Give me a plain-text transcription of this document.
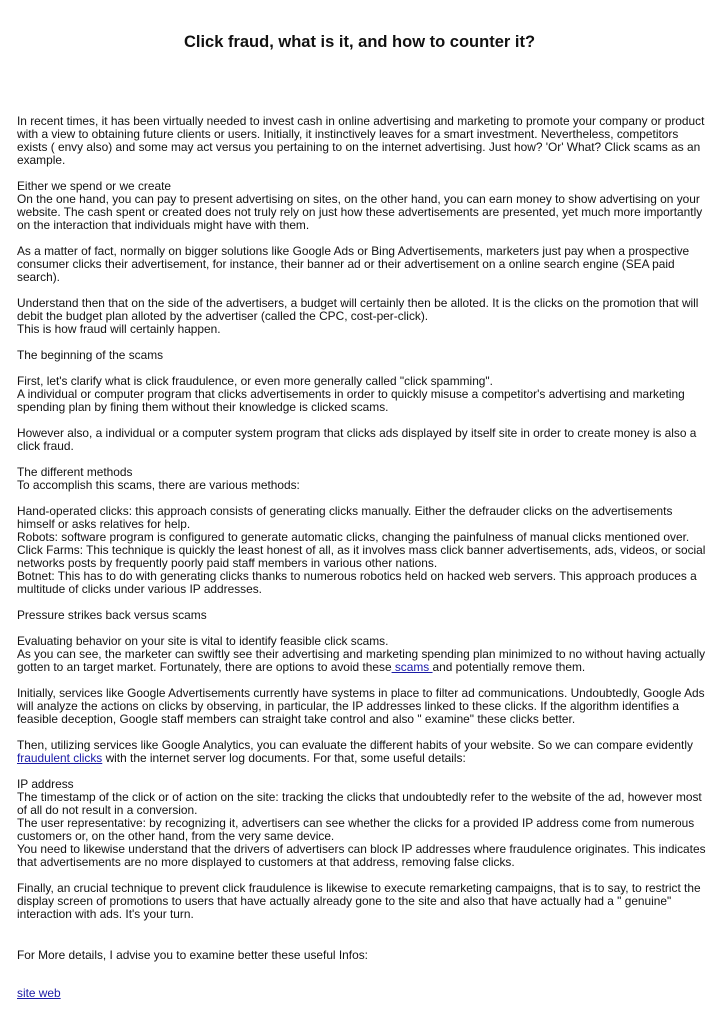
Click fraud, what is it, and how to counter it?

In recent times, it has been virtually needed to invest cash in online advertising and marketing to promote your company or product with a view to obtaining future clients or users. Initially, it instinctively leaves for a smart investment. Nevertheless, competitors exists ( envy also) and some may act versus you pertaining to on the internet advertising. Just how? 'Or' What? Click scams as an example.

Either we spend or we create
On the one hand, you can pay to present advertising on sites, on the other hand, you can earn money to show advertising on your website. The cash spent or created does not truly rely on just how these advertisements are presented, yet much more importantly on the interaction that individuals might have with them.

As a matter of fact, normally on bigger solutions like Google Ads or Bing Advertisements, marketers just pay when a prospective consumer clicks their advertisement, for instance, their banner ad or their advertisement on a online search engine (SEA paid search).

Understand then that on the side of the advertisers, a budget will certainly then be alloted. It is the clicks on the promotion that will debit the budget plan alloted by the advertiser (called the CPC, cost-per-click).
This is how fraud will certainly happen.

The beginning of the scams

First, let's clarify what is click fraudulence, or even more generally called "click spamming".
A individual or computer program that clicks advertisements in order to quickly misuse a competitor's advertising and marketing spending plan by fining them without their knowledge is clicked scams.

However also, a individual or a computer system program that clicks ads displayed by itself site in order to create money is also a click fraud.

The different methods
To accomplish this scams, there are various methods:

Hand-operated clicks: this approach consists of generating clicks manually. Either the defrauder clicks on the advertisements himself or asks relatives for help.
Robots: software program is configured to generate automatic clicks, changing the painfulness of manual clicks mentioned over.
Click Farms: This technique is quickly the least honest of all, as it involves mass click banner advertisements, ads, videos, or social networks posts by frequently poorly paid staff members in various other nations.
Botnet: This has to do with generating clicks thanks to numerous robotics held on hacked web servers. This approach produces a multitude of clicks under various IP addresses.

Pressure strikes back versus scams

Evaluating behavior on your site is vital to identify feasible click scams.
As you can see, the marketer can swiftly see their advertising and marketing spending plan minimized to no without having actually gotten to an target market. Fortunately, there are options to avoid these scams and potentially remove them.

Initially, services like Google Advertisements currently have systems in place to filter ad communications. Undoubtedly, Google Ads will analyze the actions on clicks by observing, in particular, the IP addresses linked to these clicks. If the algorithm identifies a feasible deception, Google staff members can straight take control and also " examine" these clicks better.

Then, utilizing services like Google Analytics, you can evaluate the different habits of your website. So we can compare evidently fraudulent clicks with the internet server log documents. For that, some useful details:

IP address
The timestamp of the click or of action on the site: tracking the clicks that undoubtedly refer to the website of the ad, however most of all do not result in a conversion.
The user representative: by recognizing it, advertisers can see whether the clicks for a provided IP address come from numerous customers or, on the other hand, from the very same device.
You need to likewise understand that the drivers of advertisers can block IP addresses where fraudulence originates. This indicates that advertisements are no more displayed to customers at that address, removing false clicks.

Finally, an crucial technique to prevent click fraudulence is likewise to execute remarketing campaigns, that is to say, to restrict the display screen of promotions to users that have actually already gone to the site and also that have actually had a " genuine" interaction with ads. It's your turn.

For More details, I advise you to examine better these useful Infos:
site web
